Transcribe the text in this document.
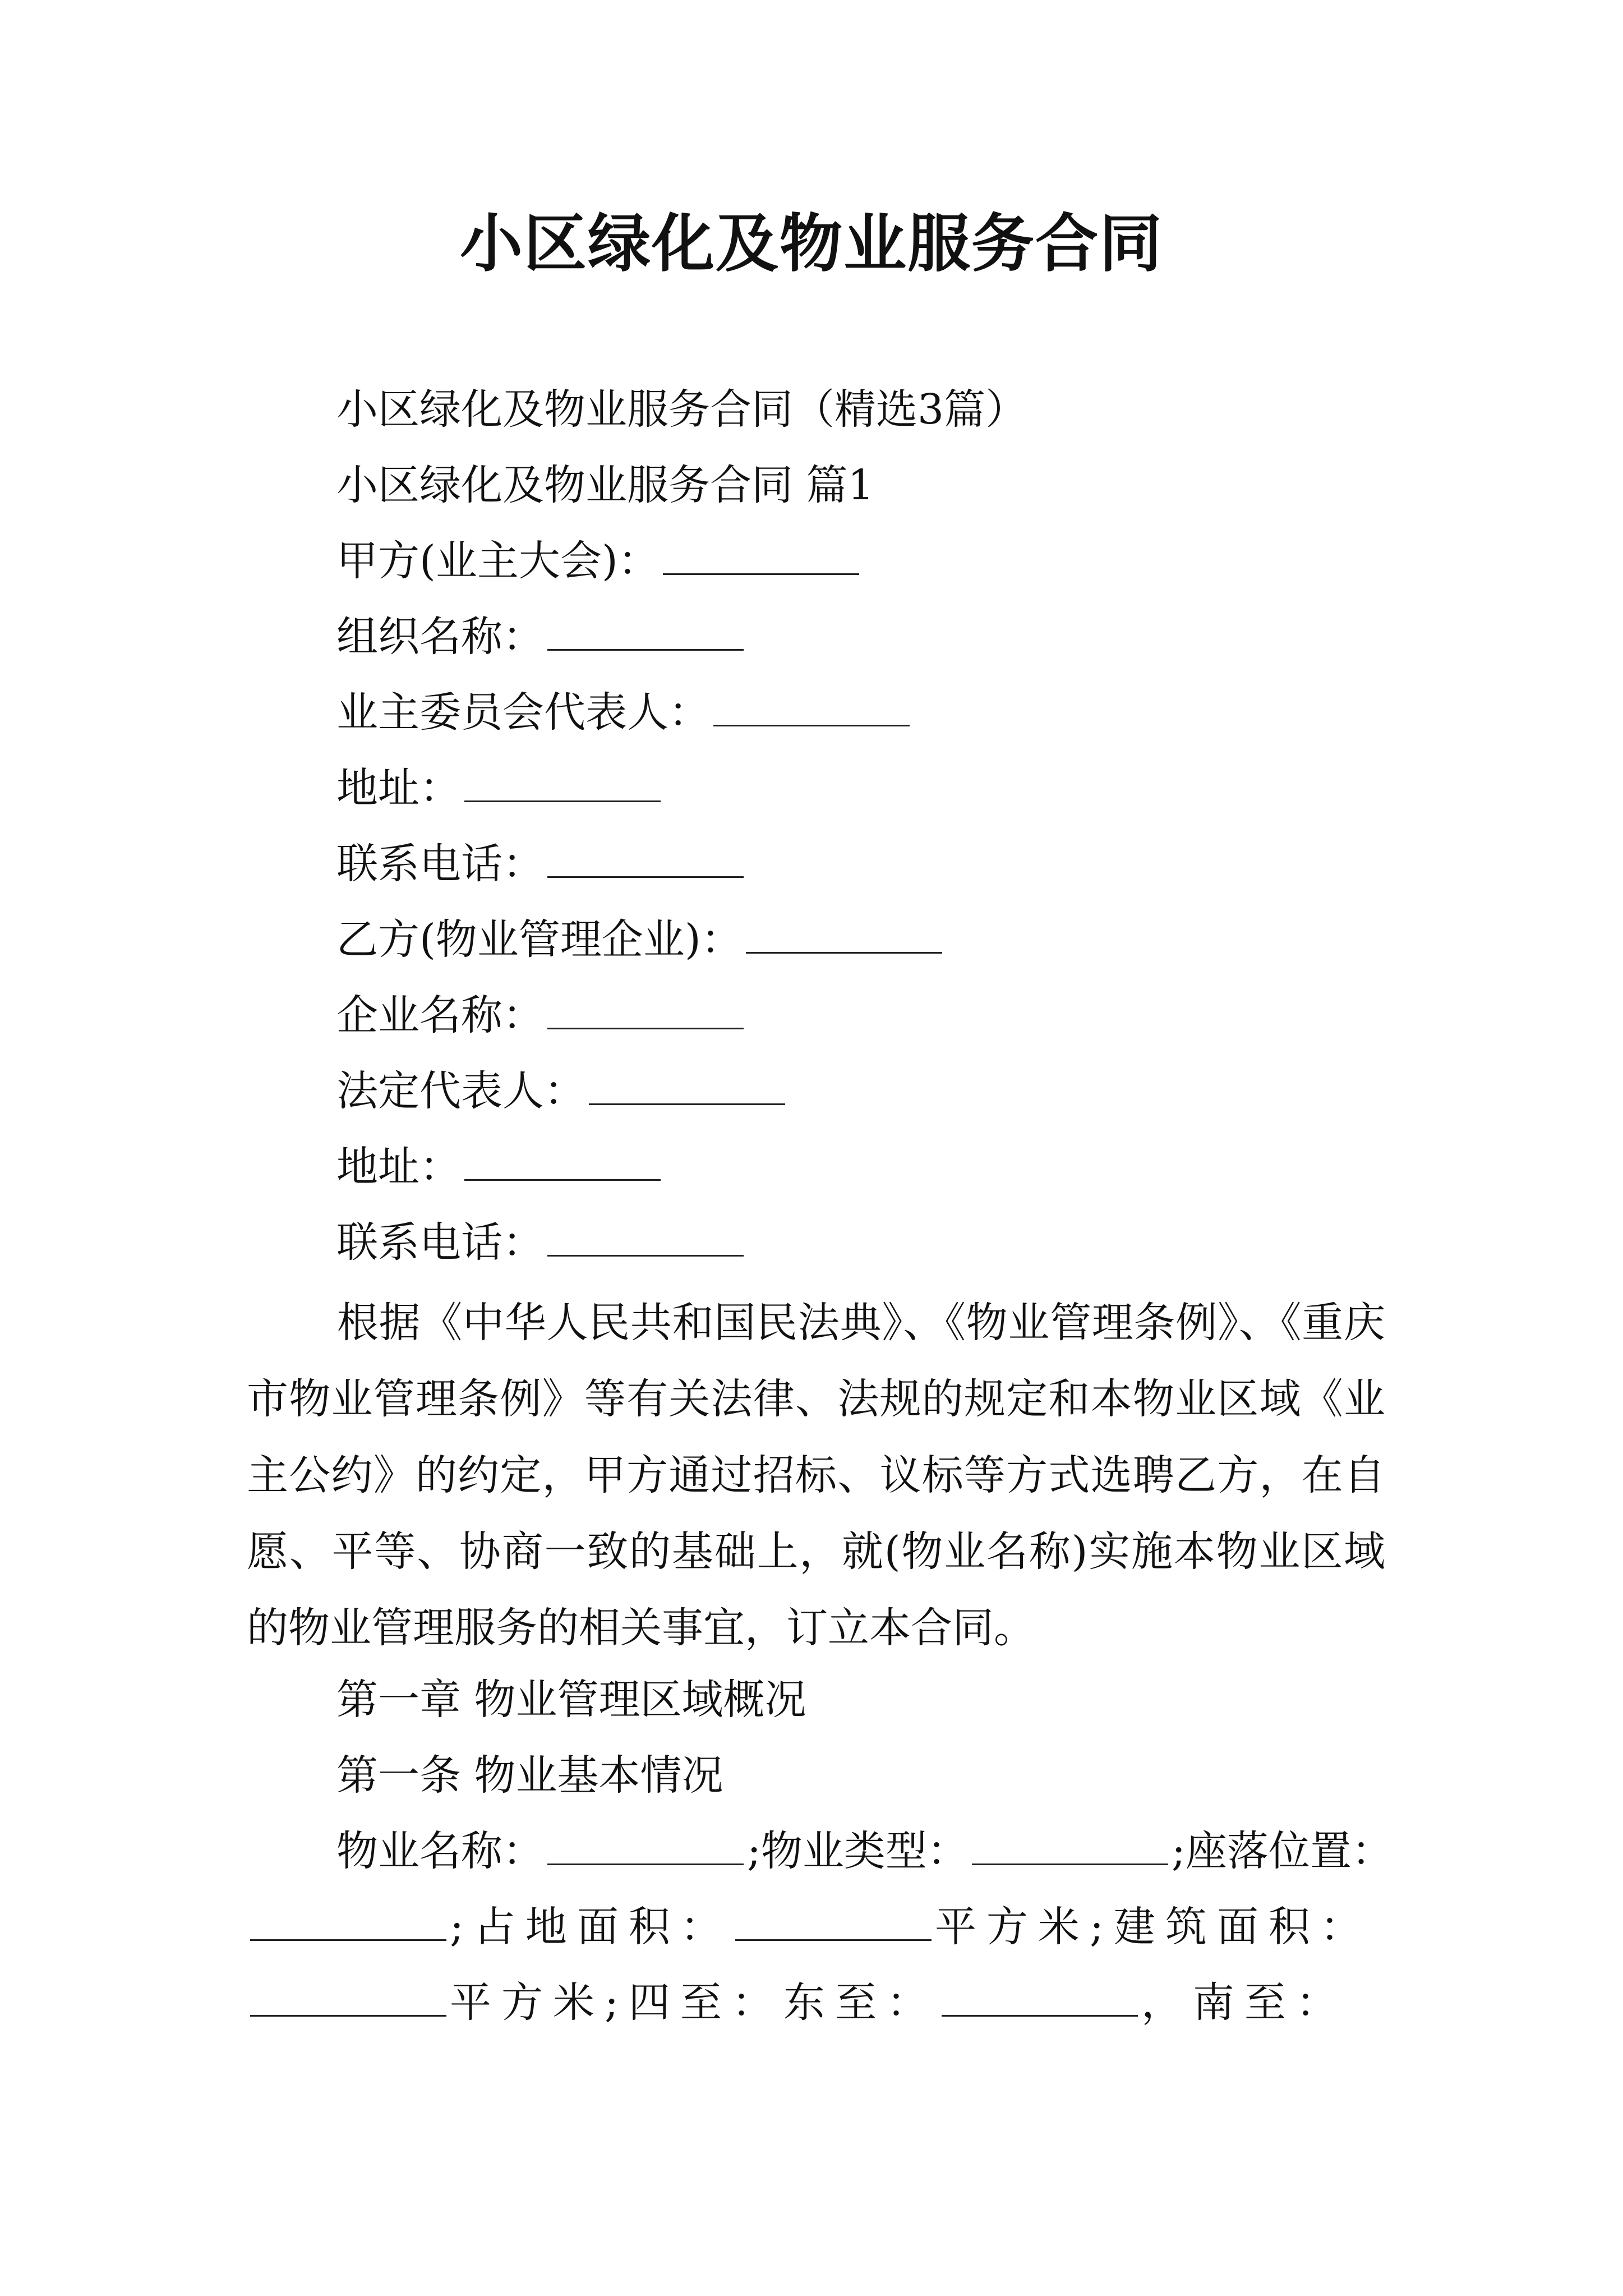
小区绿化及物业服务合同

小区绿化及物业服务合同（精选3篇）

小区绿化及物业服务合同 篇1

甲方(业主大会)：

组织名称：

业主委员会代表人：

地址：

联系电话：

乙方(物业管理企业)：

企业名称：

法定代表人：

地址：

联系电话：

根据《中华人民共和国民法典》、《物业管理条例》、《重庆市物业管理条例》等有关法律、法规的规定和本物业区域《业主公约》的约定，甲方通过招标、议标等方式选聘乙方，在自愿、平等、协商一致的基础上，就(物业名称)实施本物业区域的物业管理服务的相关事宜，订立本合同。

第一章 物业管理区域概况

第一条 物业基本情况

物业名称：	;物业类型：	;座落位置：

;占地面积：	平方米;建筑面积：

平方米;四至：东至：	，南至：
